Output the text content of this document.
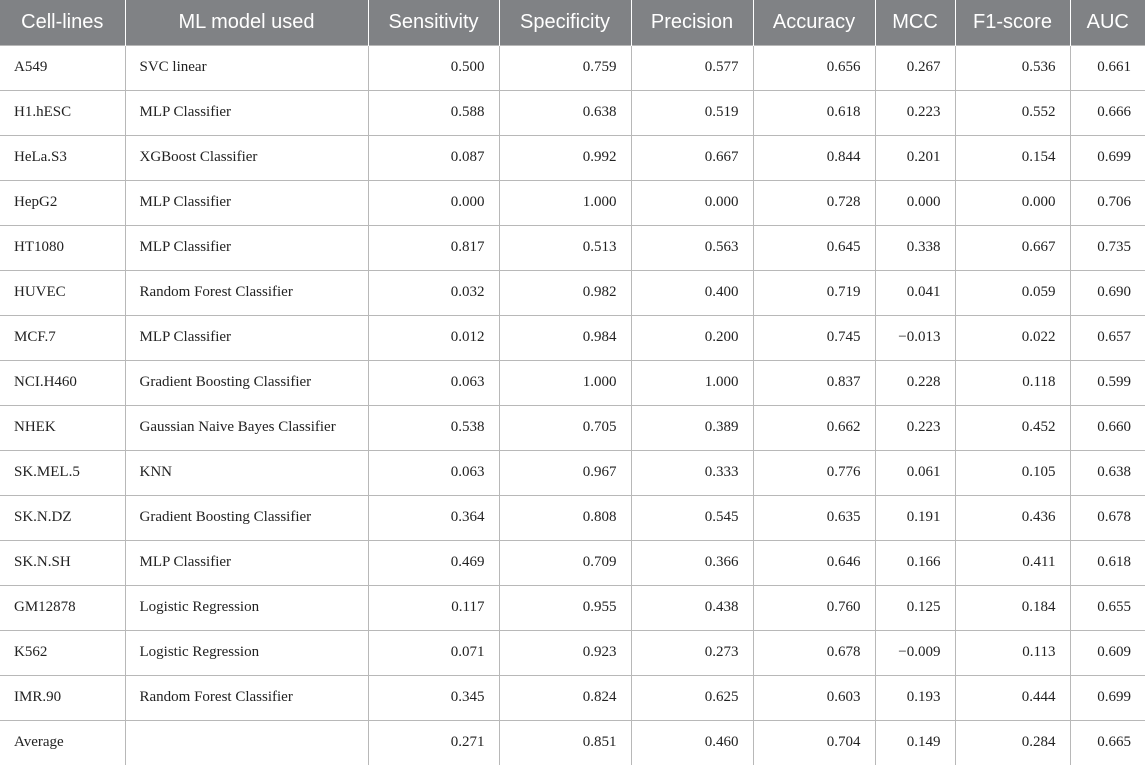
Cell-lines	ML model used	Sensitivity	Specificity	Precision	Accuracy	MCC	F1-score	AUC
A549	SVC linear	0.500	0.759	0.577	0.656	0.267	0.536	0.661
H1.hESC	MLP Classifier	0.588	0.638	0.519	0.618	0.223	0.552	0.666
HeLa.S3	XGBoost Classifier	0.087	0.992	0.667	0.844	0.201	0.154	0.699
HepG2	MLP Classifier	0.000	1.000	0.000	0.728	0.000	0.000	0.706
HT1080	MLP Classifier	0.817	0.513	0.563	0.645	0.338	0.667	0.735
HUVEC	Random Forest Classifier	0.032	0.982	0.400	0.719	0.041	0.059	0.690
MCF.7	MLP Classifier	0.012	0.984	0.200	0.745	−0.013	0.022	0.657
NCI.H460	Gradient Boosting Classifier	0.063	1.000	1.000	0.837	0.228	0.118	0.599
NHEK	Gaussian Naive Bayes Classifier	0.538	0.705	0.389	0.662	0.223	0.452	0.660
SK.MEL.5	KNN	0.063	0.967	0.333	0.776	0.061	0.105	0.638
SK.N.DZ	Gradient Boosting Classifier	0.364	0.808	0.545	0.635	0.191	0.436	0.678
SK.N.SH	MLP Classifier	0.469	0.709	0.366	0.646	0.166	0.411	0.618
GM12878	Logistic Regression	0.117	0.955	0.438	0.760	0.125	0.184	0.655
K562	Logistic Regression	0.071	0.923	0.273	0.678	−0.009	0.113	0.609
IMR.90	Random Forest Classifier	0.345	0.824	0.625	0.603	0.193	0.444	0.699
Average		0.271	0.851	0.460	0.704	0.149	0.284	0.665
